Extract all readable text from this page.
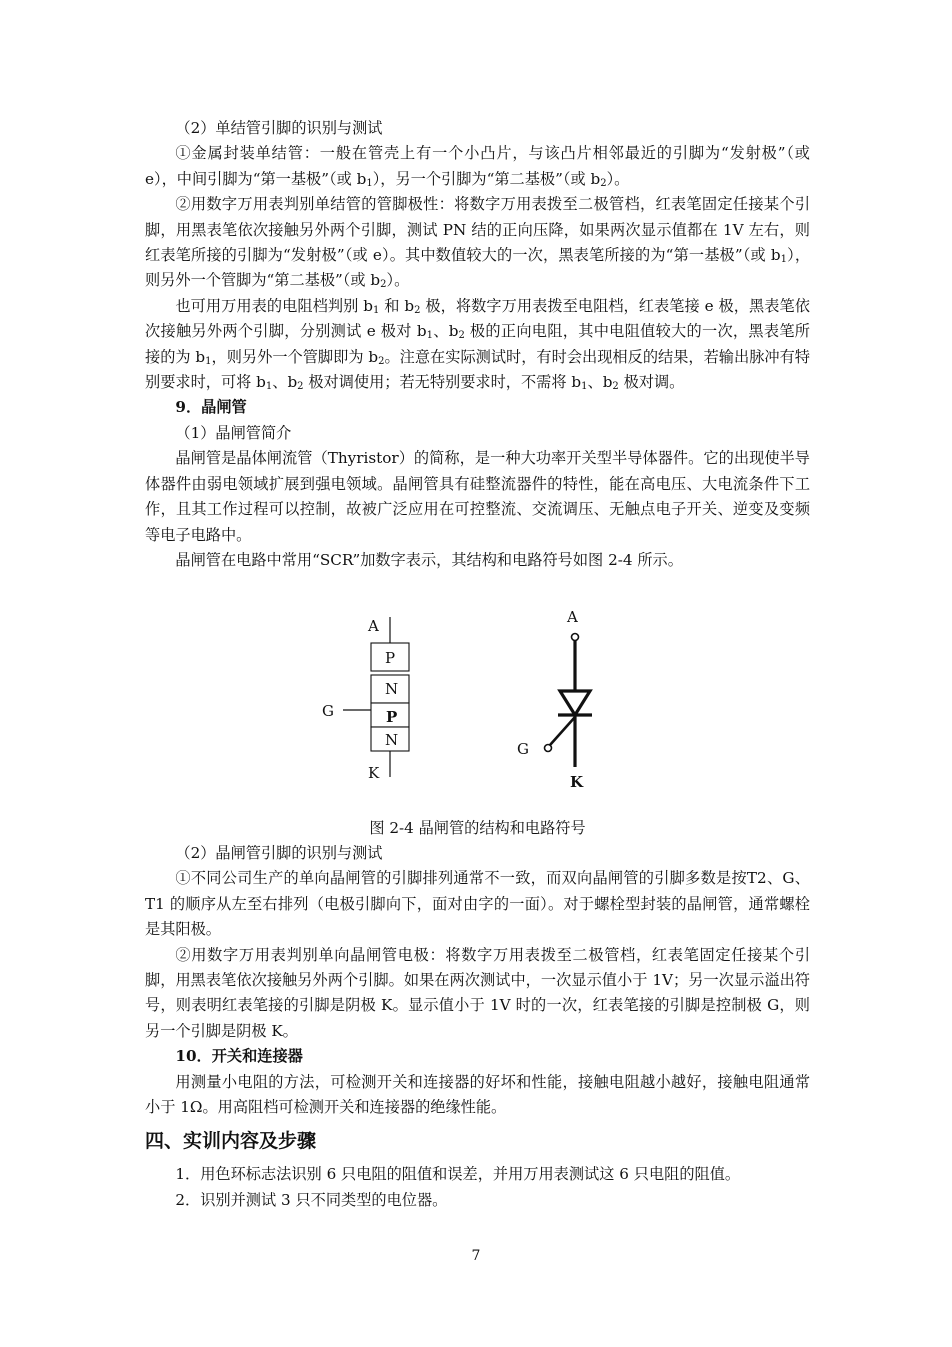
（2）单结管引脚的识别与测试

①金属封装单结管：一般在管壳上有一个小凸片，与该凸片相邻最近的引脚为“发射极”（或 e），中间引脚为“第一基极”（或 $b_1$），另一个引脚为“第二基极”（或 $b_2$）。

②用数字万用表判别单结管的管脚极性：将数字万用表拨至二极管档，红表笔固定任接某个引脚，用黑表笔依次接触另外两个引脚，测试 PN 结的正向压降，如果两次显示值都在 1V 左右，则红表笔所接的引脚为“发射极”（或 e）。其中数值较大的一次，黑表笔所接的为“第一基极”（或 $b_1$），则另外一个管脚为“第二基极”（或 $b_2$）。

也可用万用表的电阻档判别 $b_1$ 和 $b_2$ 极，将数字万用表拨至电阻档，红表笔接 e 极，黑表笔依次接触另外两个引脚，分别测试 e 极对 $b_1$、$b_2$ 极的正向电阻，其中电阻值较大的一次，黑表笔所接的为 $b_1$，则另外一个管脚即为 $b_2$。注意在实际测试时，有时会出现相反的结果，若输出脉冲有特别要求时，可将 $b_1$、$b_2$ 极对调使用；若无特别要求时，不需将 $b_1$、$b_2$ 极对调。

9．晶闸管

（1）晶闸管简介

晶闸管是晶体闸流管（Thyristor）的简称，是一种大功率开关型半导体器件。它的出现使半导体器件由弱电领域扩展到强电领域。晶闸管具有硅整流器件的特性，能在高电压、大电流条件下工作，且其工作过程可以控制，故被广泛应用在可控整流、交流调压、无触点电子开关、逆变及变频等电子电路中。

晶闸管在电路中常用“SCR”加数字表示，其结构和电路符号如图 2-4 所示。

A
P
N
P
N
G
K
A
G
K
图 2-4 晶闸管的结构和电路符号

（2）晶闸管引脚的识别与测试

①不同公司生产的单向晶闸管的引脚排列通常不一致，而双向晶闸管的引脚多数是按T2、G、T1 的顺序从左至右排列（电极引脚向下，面对由字的一面）。对于螺栓型封装的晶闸管，通常螺栓是其阳极。

②用数字万用表判别单向晶闸管电极：将数字万用表拨至二极管档，红表笔固定任接某个引脚，用黑表笔依次接触另外两个引脚。如果在两次测试中，一次显示值小于 1V；另一次显示溢出符号，则表明红表笔接的引脚是阴极 K。显示值小于 1V 时的一次，红表笔接的引脚是控制极 G，则另一个引脚是阴极 K。

10．开关和连接器

用测量小电阻的方法，可检测开关和连接器的好坏和性能，接触电阻越小越好，接触电阻通常小于 1Ω。用高阻档可检测开关和连接器的绝缘性能。

四、实训内容及步骤

1．用色环标志法识别 6 只电阻的阻值和误差，并用万用表测试这 6 只电阻的阻值。

2．识别并测试 3 只不同类型的电位器。

7
